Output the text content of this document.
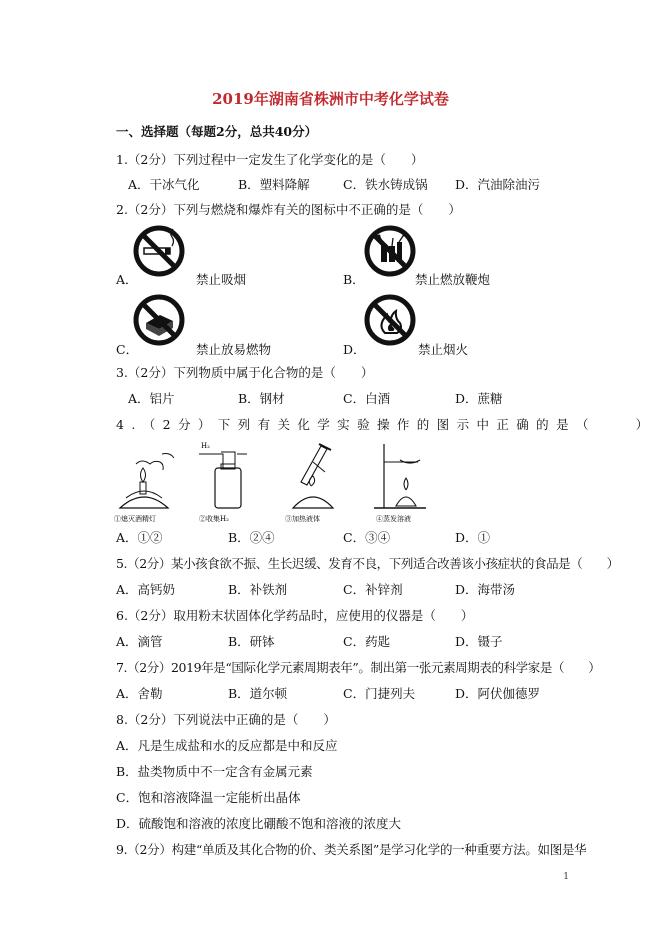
2019年湖南省株洲市中考化学试卷
一、选择题（每题2分，总共40分）
1.（2分）下列过程中一定发生了化学变化的是（　　）
A．干冰气化	B．塑料降解	C．铁水铸成锅 D．汽油除油污
2.（2分）下列与燃烧和爆炸有关的图标中不正确的是（　　）
A．	禁止吸烟	B．	禁止燃放鞭炮
C．	禁止放易燃物	D．	禁止烟火
3.（2分）下列物质中属于化合物的是（　　）
A．铝片	B．钢材	C．白酒	D．蔗糖
4.（2分）下列有关化学实验操作的图示中正确的是（　　）
①熄灭酒精灯
H₂
②收集H₂	③加热液体	④蒸发溶液
A．①②	B．②④	C．③④	D．①
5.（2分）某小孩食欲不振、生长迟缓、发育不良，下列适合改善该小孩症状的食品是（　　）
A．高钙奶	B．补铁剂	C．补锌剂	D．海带汤
6.（2分）取用粉末状固体化学药品时，应使用的仪器是（　　）
A．滴管	B．研钵	C．药匙	D．镊子
7.（2分）2019年是“国际化学元素周期表年”。制出第一张元素周期表的科学家是（　　）
A．舍勒	B．道尔顿	C．门捷列夫	D．阿伏伽德罗
8.（2分）下列说法中正确的是（　　）
A．凡是生成盐和水的反应都是中和反应
B．盐类物质中不一定含有金属元素
C．饱和溶液降温一定能析出晶体
D．硫酸饱和溶液的浓度比硼酸不饱和溶液的浓度大
9.（2分）构建“单质及其化合物的价、类关系图”是学习化学的一种重要方法。如图是华
1
